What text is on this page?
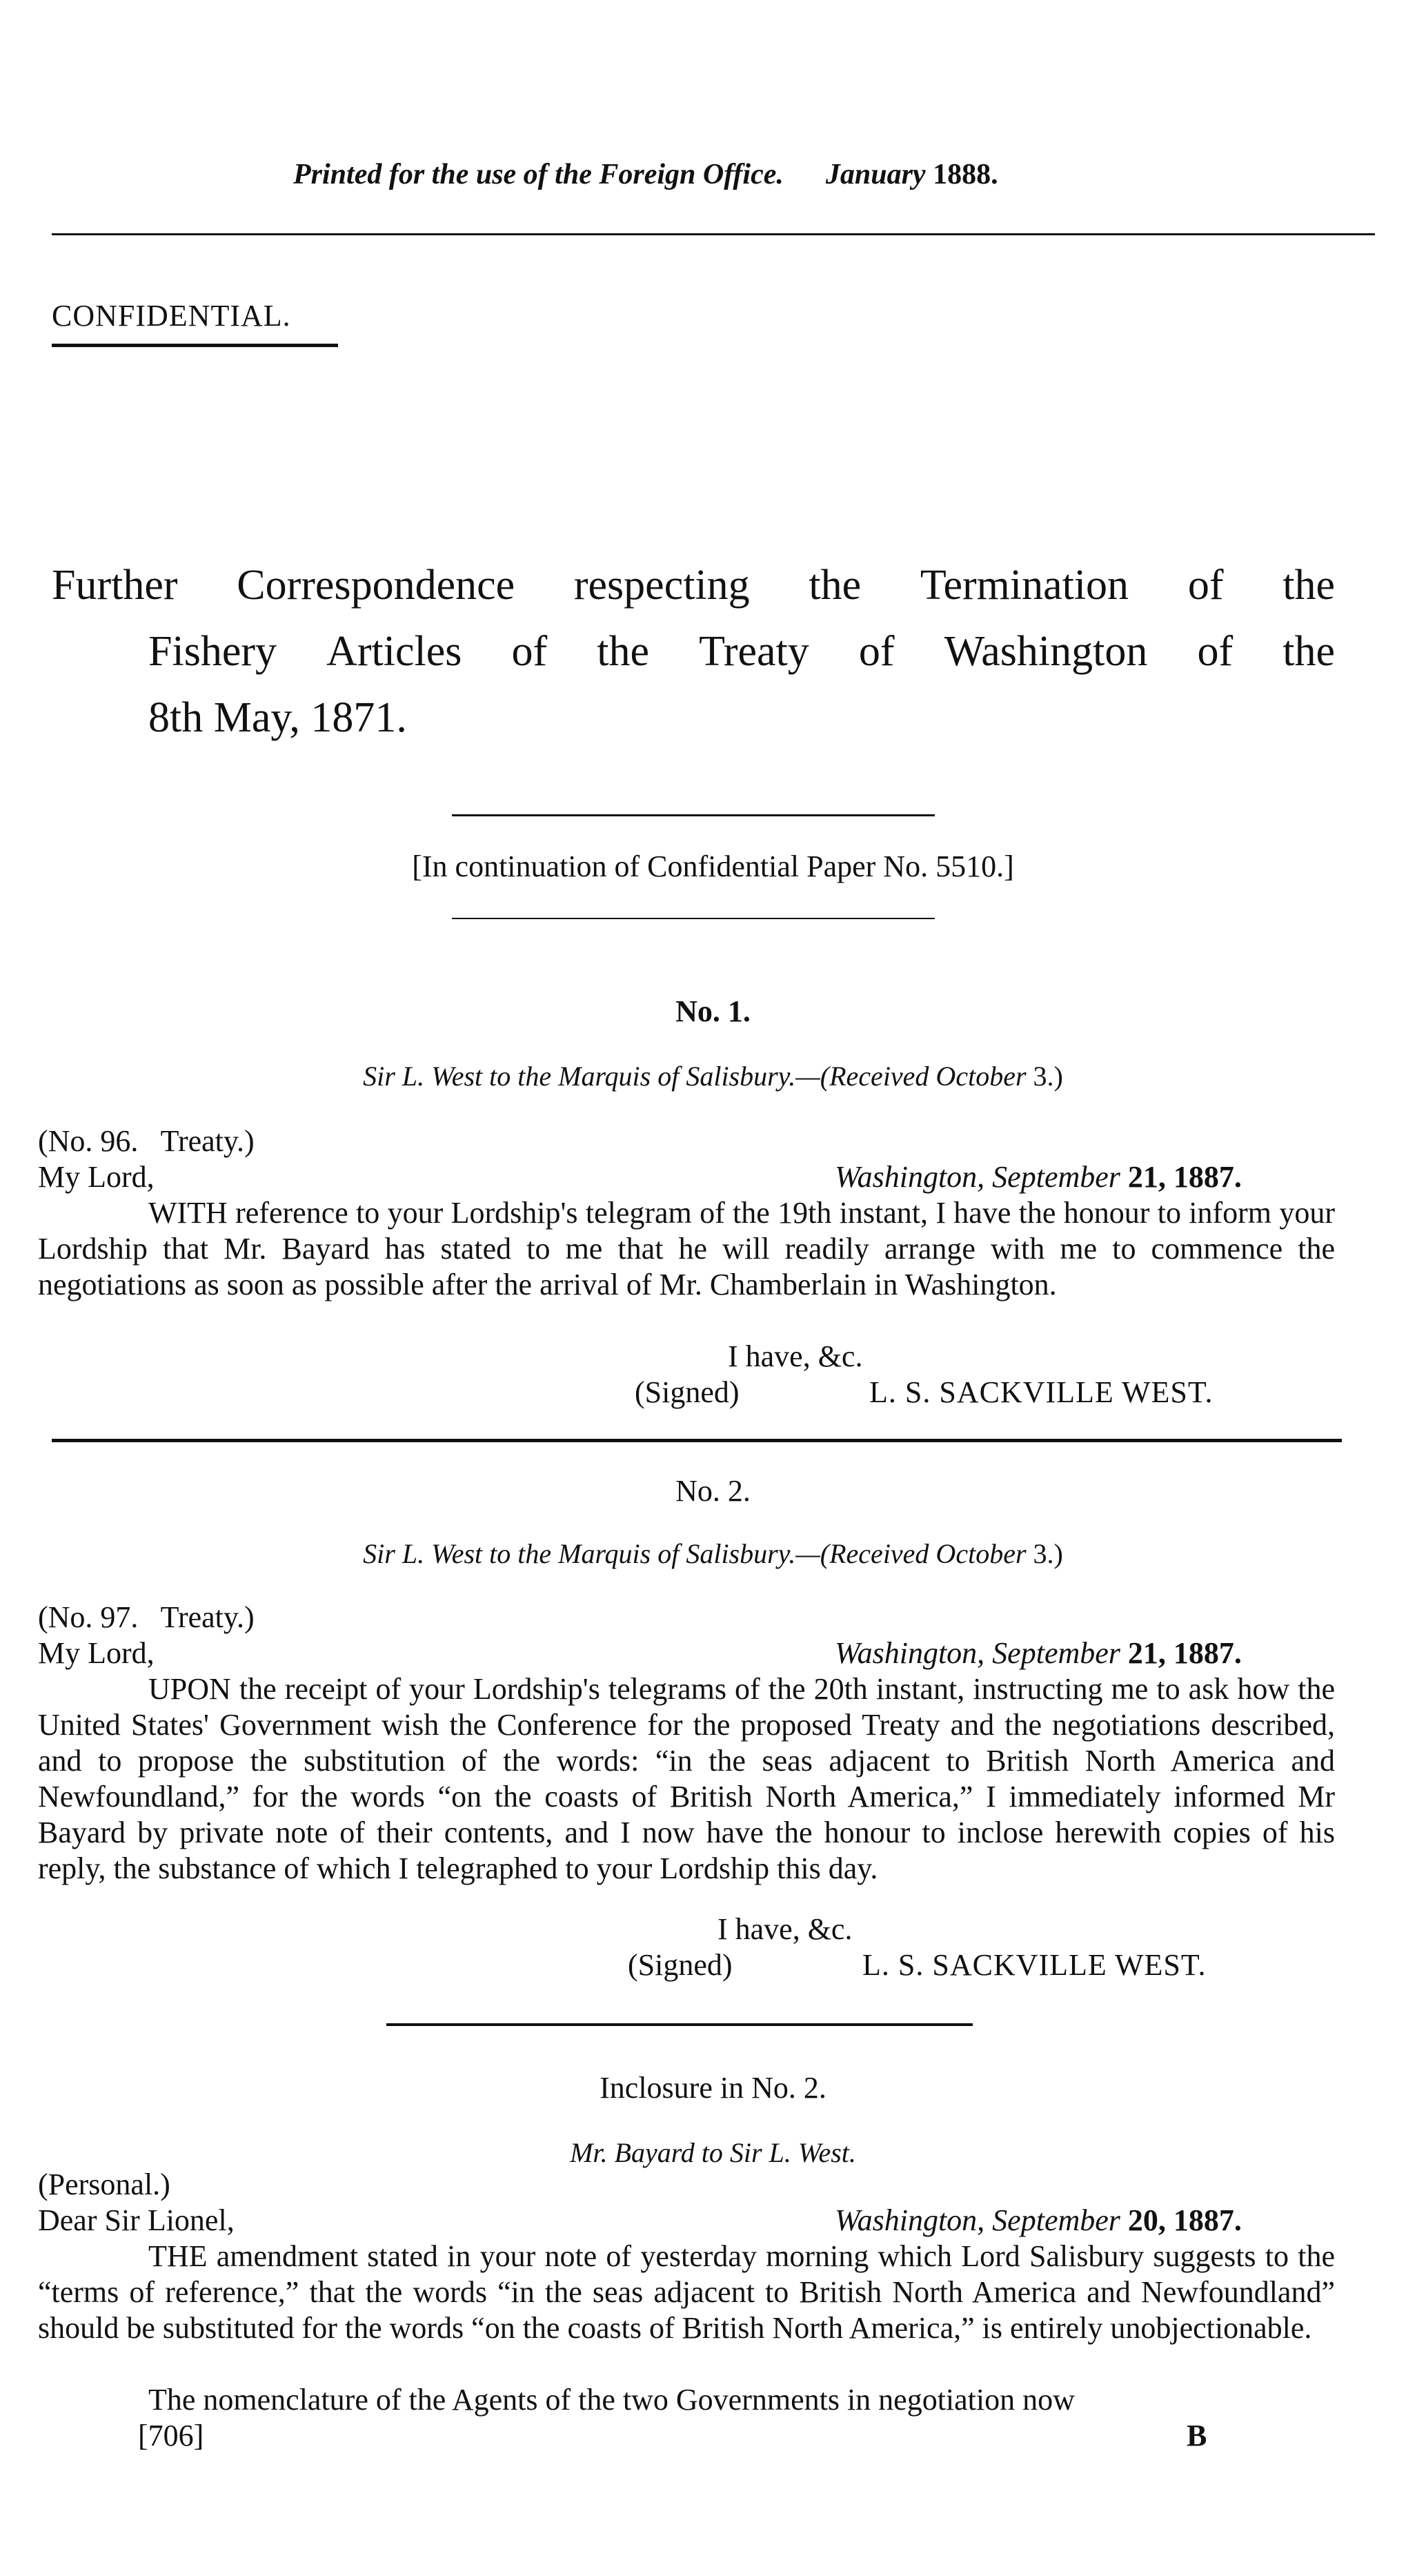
Printed for the use of the Foreign Office. January 1888.
CONFIDENTIAL.
Further Correspondence respecting the Termination of the
Fishery Articles of the Treaty of Washington of the
8th May, 1871.
[In continuation of Confidential Paper No. 5510.]
No. 1.
Sir L. West to the Marquis of Salisbury.—(Received October 3.)
(No. 96.   Treaty.)
My Lord,	Washington, September 21, 1887.
WITH reference to your Lordship's telegram of the 19th instant, I have the honour to inform your Lordship that Mr. Bayard has stated to me that he will readily arrange with me to commence the negotiations as soon as possible after the arrival of Mr. Chamberlain in Washington.
I have, &c.
(Signed)	L. S. SACKVILLE WEST.
No. 2.
Sir L. West to the Marquis of Salisbury.—(Received October 3.)
(No. 97.   Treaty.)
My Lord,	Washington, September 21, 1887.
UPON the receipt of your Lordship's telegrams of the 20th instant, instructing me to ask how the United States' Government wish the Conference for the proposed Treaty and the negotiations described, and to propose the substitution of the words: “in the seas adjacent to British North America and Newfoundland,” for the words “on the coasts of British North America,” I immediately informed Mr Bayard by private note of their contents, and I now have the honour to inclose herewith copies of his reply, the substance of which I telegraphed to your Lordship this day.
I have, &c.
(Signed)	L. S. SACKVILLE WEST.
Inclosure in No. 2.
Mr. Bayard to Sir L. West.
(Personal.)
Dear Sir Lionel,	Washington, September 20, 1887.
THE amendment stated in your note of yesterday morning which Lord Salisbury suggests to the “terms of reference,” that the words “in the seas adjacent to British North America and Newfoundland” should be substituted for the words “on the coasts of British North America,” is entirely unobjectionable.
The nomenclature of the Agents of the two Governments in negotiation now
[706]	B
